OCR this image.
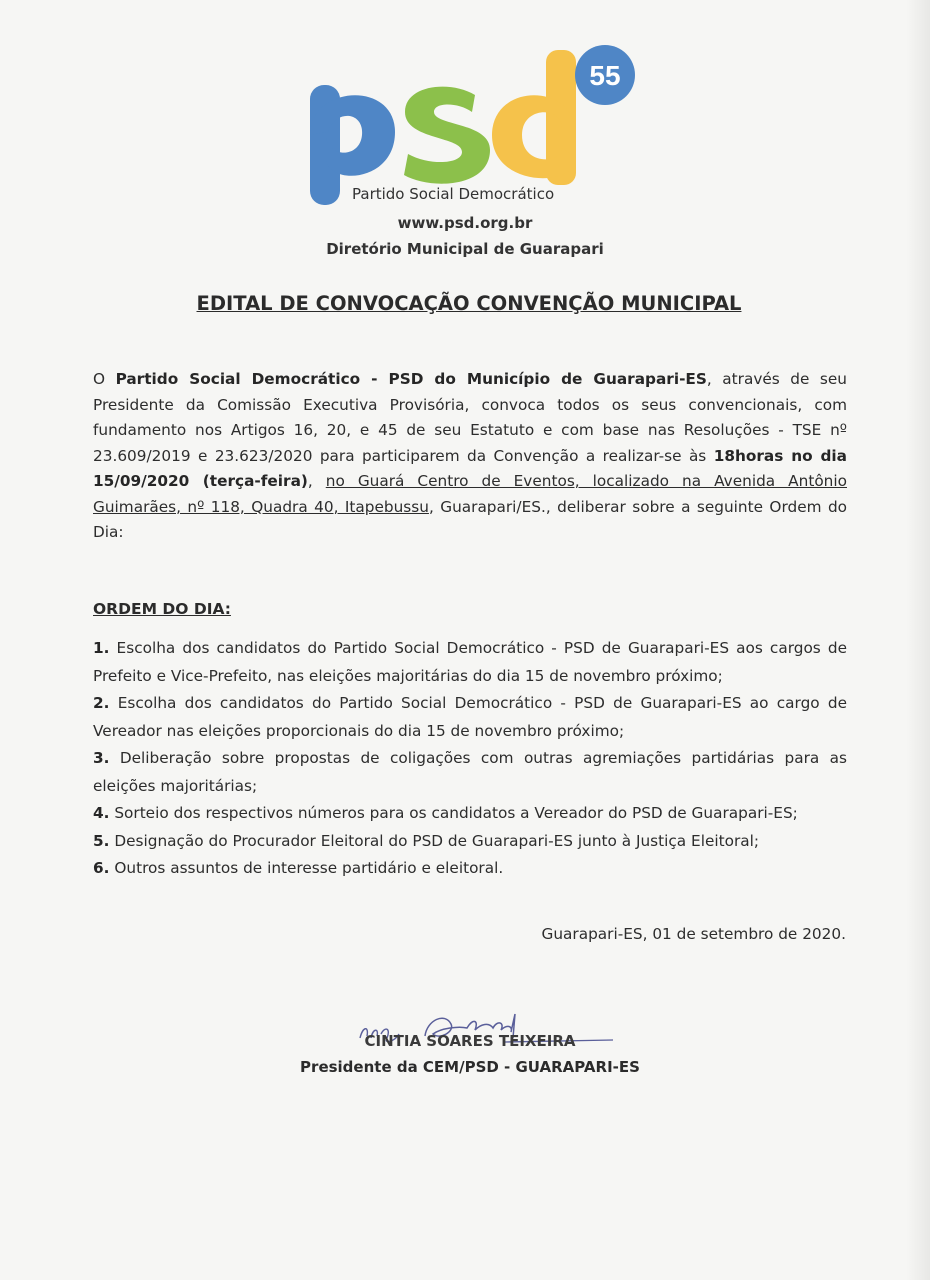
55
Partido Social Democrático
www.psd.org.br
Diretório Municipal de Guarapari
EDITAL DE CONVOCAÇÃO CONVENÇÃO MUNICIPAL
O Partido Social Democrático - PSD do Município de Guarapari-ES, através de seu Presidente da Comissão Executiva Provisória, convoca todos os seus convencionais, com fundamento nos Artigos 16, 20, e 45 de seu Estatuto e com base nas Resoluções - TSE nº 23.609/2019 e 23.623/2020 para participarem da Convenção a realizar-se às 18horas no dia 15/09/2020 (terça-feira), no Guará Centro de Eventos, localizado na Avenida Antônio Guimarães, nº 118, Quadra 40, Itapebussu, Guarapari/ES., deliberar sobre a seguinte Ordem do Dia:
ORDEM DO DIA:

1. Escolha dos candidatos do Partido Social Democrático - PSD de Guarapari-ES aos cargos de Prefeito e Vice-Prefeito, nas eleições majoritárias do dia 15 de novembro próximo;

2. Escolha dos candidatos do Partido Social Democrático - PSD de Guarapari-ES ao cargo de Vereador nas eleições proporcionais do dia 15 de novembro próximo;

3. Deliberação sobre propostas de coligações com outras agremiações partidárias para as eleições majoritárias;

4. Sorteio dos respectivos números para os candidatos a Vereador do PSD de Guarapari-ES;

5. Designação do Procurador Eleitoral do PSD de Guarapari-ES junto à Justiça Eleitoral;

6. Outros assuntos de interesse partidário e eleitoral.

Guarapari-ES, 01 de setembro de 2020.
CINTIA SOARES TEIXEIRA
Presidente da CEM/PSD - GUARAPARI-ES
